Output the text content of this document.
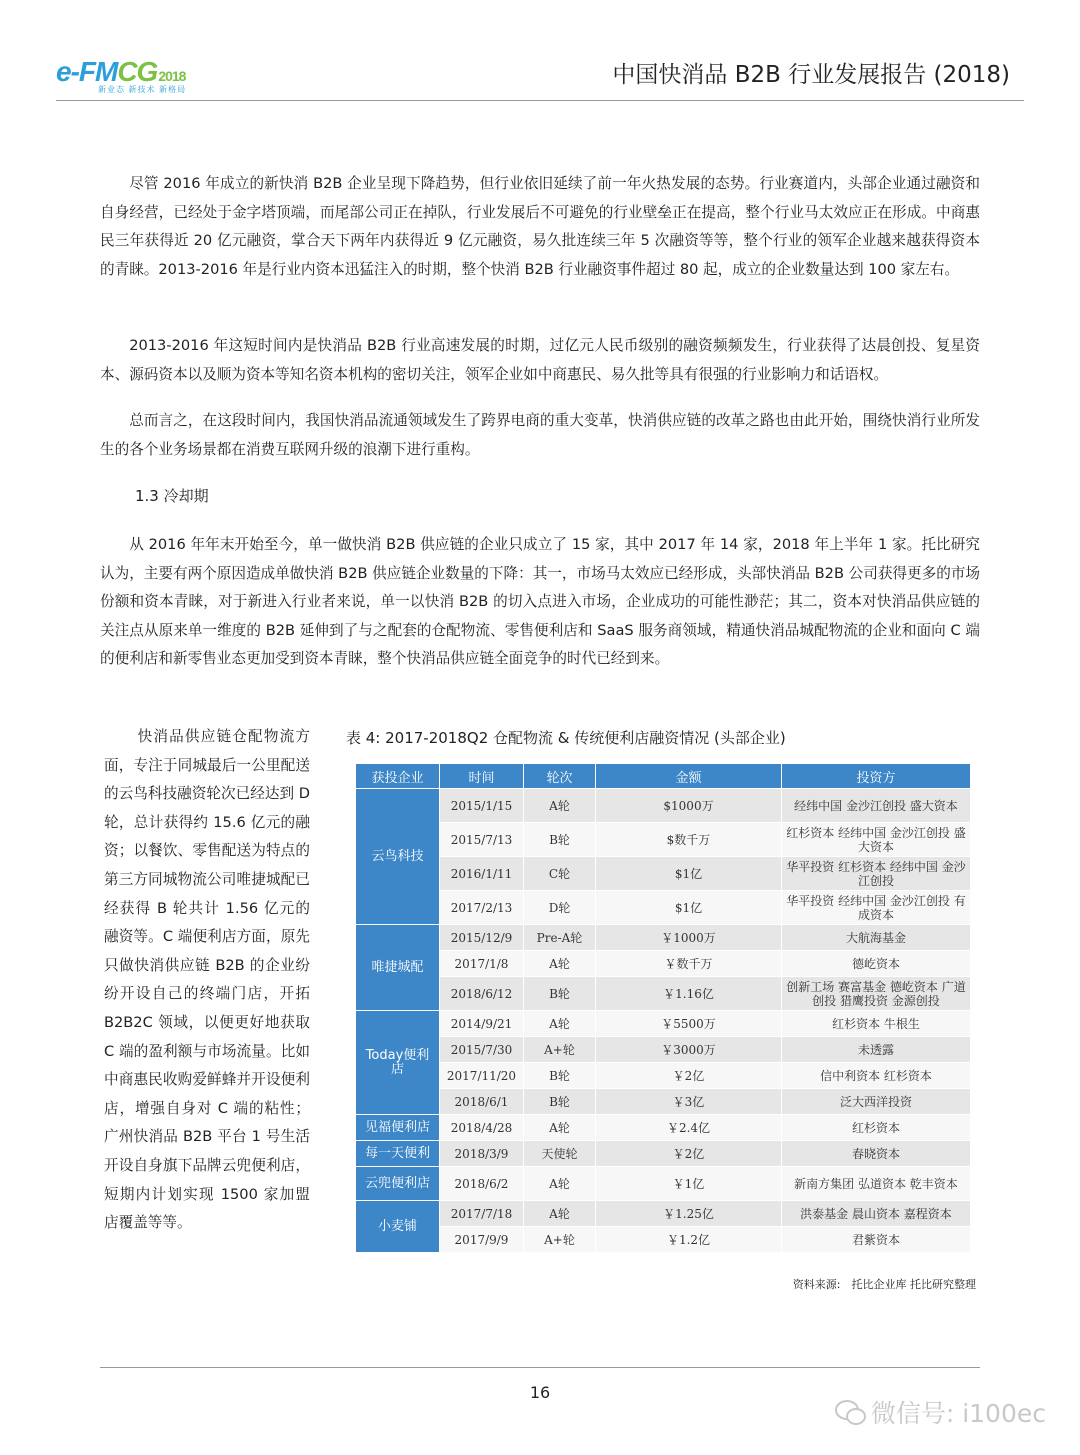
e-FMCG2018
新业态 新技术 新格局
中国快消品 B2B 行业发展报告 (2018)

尽管 2016 年成立的新快消 B2B 企业呈现下降趋势，但行业依旧延续了前一年火热发展的态势。行业赛道内，头部企业通过融资和自身经营，已经处于金字塔顶端，而尾部公司正在掉队，行业发展后不可避免的行业壁垒正在提高，整个行业马太效应正在形成。中商惠民三年获得近 20 亿元融资，掌合天下两年内获得近 9 亿元融资，易久批连续三年 5 次融资等等，整个行业的领军企业越来越获得资本的青睐。2013-2016 年是行业内资本迅猛注入的时期，整个快消 B2B 行业融资事件超过 80 起，成立的企业数量达到 100 家左右。

2013-2016 年这短时间内是快消品 B2B 行业高速发展的时期，过亿元人民币级别的融资频频发生，行业获得了达晨创投、复星资本、源码资本以及顺为资本等知名资本机构的密切关注，领军企业如中商惠民、易久批等具有很强的行业影响力和话语权。

总而言之，在这段时间内，我国快消品流通领域发生了跨界电商的重大变革，快消供应链的改革之路也由此开始，围绕快消行业所发生的各个业务场景都在消费互联网升级的浪潮下进行重构。

1.3 冷却期

从 2016 年年末开始至今，单一做快消 B2B 供应链的企业只成立了 15 家，其中 2017 年 14 家，2018 年上半年 1 家。托比研究认为，主要有两个原因造成单做快消 B2B 供应链企业数量的下降：其一，市场马太效应已经形成，头部快消品 B2B 公司获得更多的市场份额和资本青睐，对于新进入行业者来说，单一以快消 B2B 的切入点进入市场，企业成功的可能性渺茫；其二，资本对快消品供应链的关注点从原来单一维度的 B2B 延伸到了与之配套的仓配物流、零售便利店和 SaaS 服务商领域，精通快消品城配物流的企业和面向 C 端的便利店和新零售业态更加受到资本青睐，整个快消品供应链全面竞争的时代已经到来。

快消品供应链仓配物流方面，专注于同城最后一公里配送的云鸟科技融资轮次已经达到 D 轮，总计获得约 15.6 亿元的融资；以餐饮、零售配送为特点的第三方同城物流公司唯捷城配已经获得 B 轮共计 1.56 亿元的融资等。C 端便利店方面，原先只做快消供应链 B2B 的企业纷纷开设自己的终端门店，开拓 B2B2C 领域，以便更好地获取 C 端的盈利额与市场流量。比如中商惠民收购爱鲜蜂并开设便利店，增强自身对 C 端的粘性；广州快消品 B2B 平台 1 号生活开设自身旗下品牌云兜便利店，短期内计划实现 1500 家加盟店覆盖等等。

表 4: 2017-2018Q2 仓配物流 & 传统便利店融资情况 (头部企业)
获投企业	时间	轮次	金额	投资方
云鸟科技	2015/1/15	A轮	$1000万	经纬中国 金沙江创投 盛大资本
	2015/7/13	B轮	$数千万	红杉资本 经纬中国 金沙江创投 盛大资本
	2016/1/11	C轮	$1亿	华平投资 红杉资本 经纬中国 金沙江创投
	2017/2/13	D轮	$1亿	华平投资 经纬中国 金沙江创投 有成资本
唯捷城配	2015/12/9	Pre-A轮	￥1000万	大航海基金
	2017/1/8	A轮	￥数千万	德屹资本
	2018/6/12	B轮	￥1.16亿	创新工场 赛富基金 德屹资本 广道创投 猎鹰投资 金源创投
Today便利店	2014/9/21	A轮	￥5500万	红杉资本 牛根生
	2015/7/30	A+轮	￥3000万	未透露
	2017/11/20	B轮	￥2亿	信中利资本 红杉资本
	2018/6/1	B轮	￥3亿	泛大西洋投资
见福便利店	2018/4/28	A轮	￥2.4亿	红杉资本
每一天便利	2018/3/9	天使轮	￥2亿	春晓资本
云兜便利店	2018/6/2	A轮	￥1亿	新南方集团 弘道资本 乾丰资本
小麦铺	2017/7/18	A轮	￥1.25亿	洪泰基金 晨山资本 嘉程资本
	2017/9/9	A+轮	￥1.2亿	君紫资本
资料来源:　托比企业库 托比研究整理
16
微信号: i100ec
